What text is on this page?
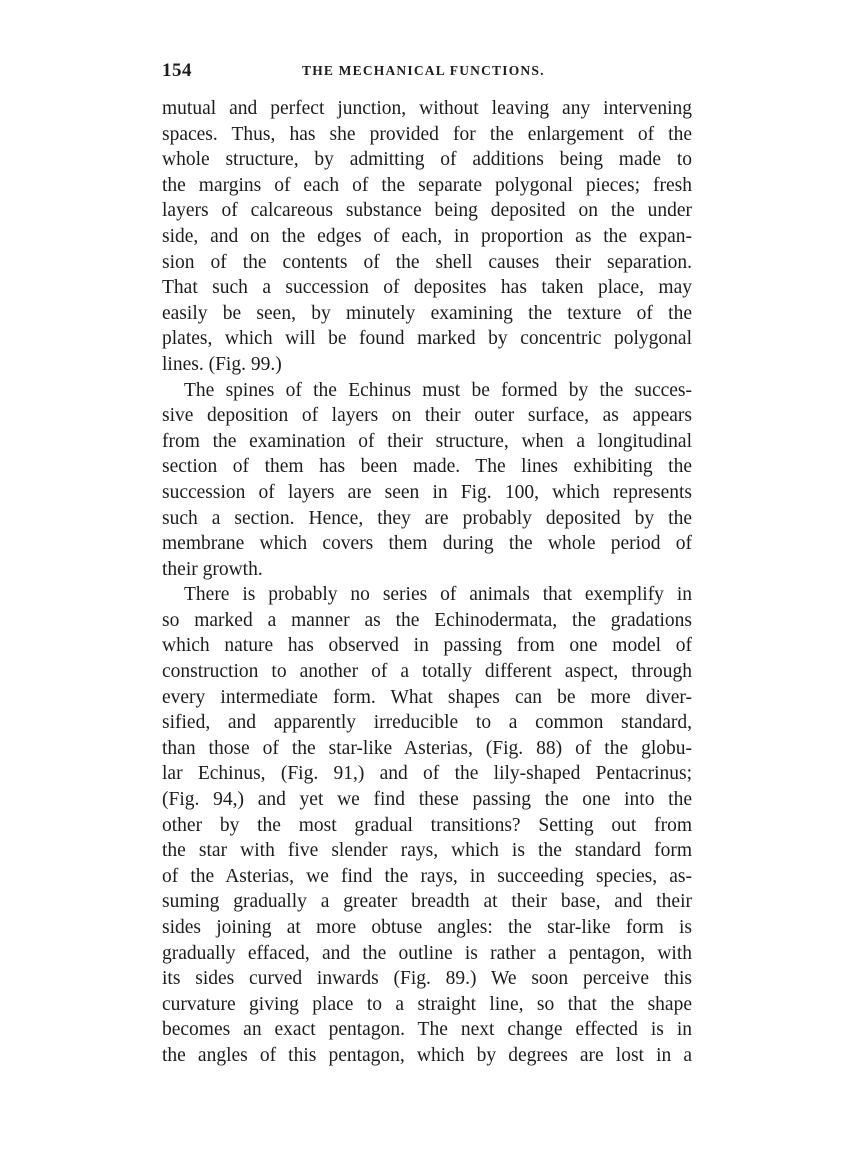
154	THE MECHANICAL FUNCTIONS.
mutual and perfect junction, without leaving any intervening
spaces. Thus, has she provided for the enlargement of the
whole structure, by admitting of additions being made to
the margins of each of the separate polygonal pieces; fresh
layers of calcareous substance being deposited on the under
side, and on the edges of each, in proportion as the expan-
sion of the contents of the shell causes their separation.
That such a succession of deposites has taken place, may
easily be seen, by minutely examining the texture of the
plates, which will be found marked by concentric polygonal
lines. (Fig. 99.)
The spines of the Echinus must be formed by the succes-
sive deposition of layers on their outer surface, as appears
from the examination of their structure, when a longitudinal
section of them has been made. The lines exhibiting the
succession of layers are seen in Fig. 100, which represents
such a section. Hence, they are probably deposited by the
membrane which covers them during the whole period of
their growth.
There is probably no series of animals that exemplify in
so marked a manner as the Echinodermata, the gradations
which nature has observed in passing from one model of
construction to another of a totally different aspect, through
every intermediate form. What shapes can be more diver-
sified, and apparently irreducible to a common standard,
than those of the star-like Asterias, (Fig. 88) of the globu-
lar Echinus, (Fig. 91,) and of the lily-shaped Pentacrinus;
(Fig. 94,) and yet we find these passing the one into the
other by the most gradual transitions? Setting out from
the star with five slender rays, which is the standard form
of the Asterias, we find the rays, in succeeding species, as-
suming gradually a greater breadth at their base, and their
sides joining at more obtuse angles: the star-like form is
gradually effaced, and the outline is rather a pentagon, with
its sides curved inwards (Fig. 89.) We soon perceive this
curvature giving place to a straight line, so that the shape
becomes an exact pentagon. The next change effected is in
the angles of this pentagon, which by degrees are lost in a
